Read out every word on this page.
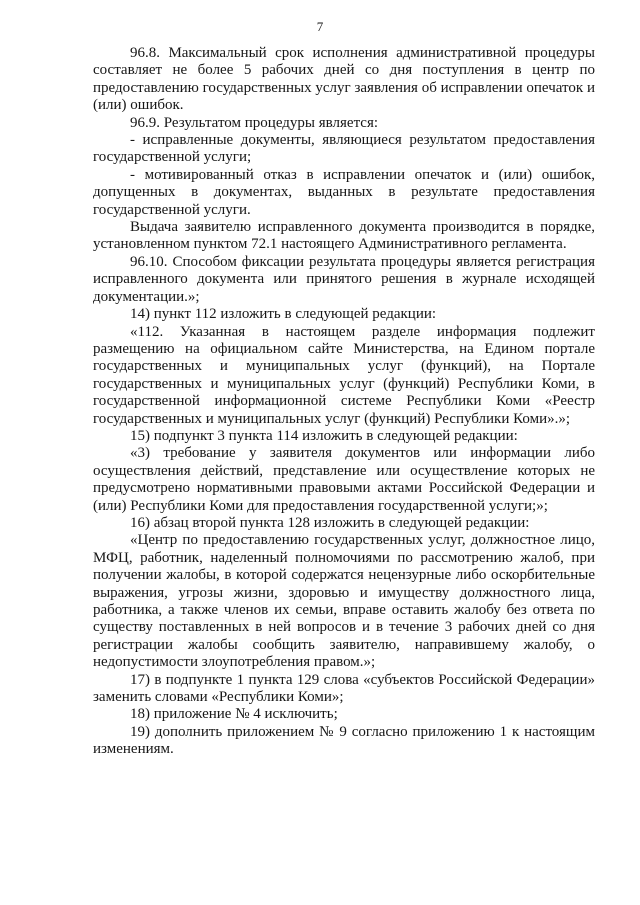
7

96.8. Максимальный срок исполнения административной процедуры составляет не более 5 рабочих дней со дня поступления в центр по предоставлению государственных услуг заявления об исправлении опечаток и (или) ошибок.

96.9. Результатом процедуры является:

- исправленные документы, являющиеся результатом предоставления государственной услуги;

- мотивированный отказ в исправлении опечаток и (или) ошибок, допущенных в документах, выданных в результате предоставления государственной услуги.

Выдача заявителю исправленного документа производится в порядке, установленном пунктом 72.1 настоящего Административного регламента.

96.10. Способом фиксации результата процедуры является регистрация исправленного документа или принятого решения в журнале исходящей документации.»;

14) пункт 112 изложить в следующей редакции:

«112. Указанная в настоящем разделе информация подлежит размещению на официальном сайте Министерства, на Едином портале государственных и муниципальных услуг (функций), на Портале государственных и муниципальных услуг (функций) Республики Коми, в государственной информационной системе Республики Коми «Реестр государственных и муниципальных услуг (функций) Республики Коми».»;

15) подпункт 3 пункта 114 изложить в следующей редакции:

«3) требование у заявителя документов или информации либо осуществления действий, представление или осуществление которых не предусмотрено нормативными правовыми актами Российской Федерации и (или) Республики Коми для предоставления государственной услуги;»;

16) абзац второй пункта 128 изложить в следующей редакции:

«Центр по предоставлению государственных услуг, должностное лицо, МФЦ, работник, наделенный полномочиями по рассмотрению жалоб, при получении жалобы, в которой содержатся нецензурные либо оскорбительные выражения, угрозы жизни, здоровью и имуществу должностного лица, работника, а также членов их семьи, вправе оставить жалобу без ответа по существу поставленных в ней вопросов и в течение 3 рабочих дней со дня регистрации жалобы сообщить заявителю, направившему жалобу, о недопустимости злоупотребления правом.»;

17) в подпункте 1 пункта 129 слова «субъектов Российской Федерации» заменить словами «Республики Коми»;

18) приложение № 4 исключить;

19) дополнить приложением № 9 согласно приложению 1 к настоящим изменениям.
